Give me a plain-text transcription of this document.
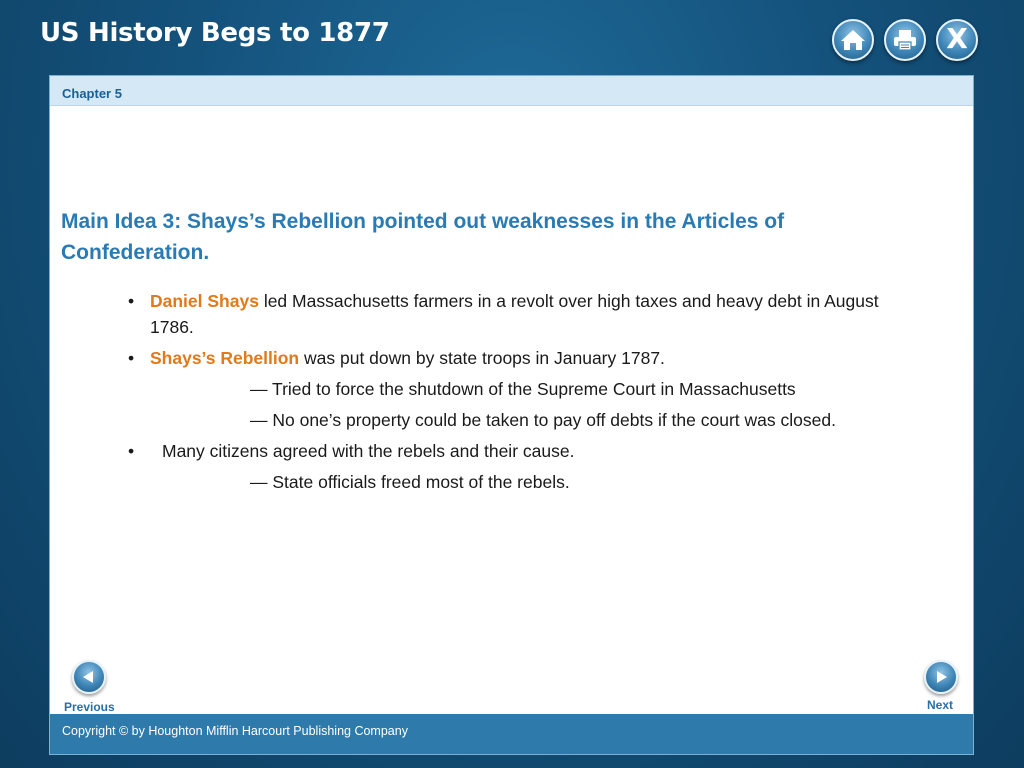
US History Begs to 1877	X
Chapter 5
Main Idea 3: Shays’s Rebellion pointed out weaknesses in the Articles of Confederation.
• Daniel Shays led Massachusetts farmers in a revolt over high taxes and heavy debt in August 1786.
• Shays’s Rebellion was put down by state troops in January 1787.
— Tried to force the shutdown of the Supreme Court in Massachusetts
— No one’s property could be taken to pay off debts if the court was closed.
• Many citizens agreed with the rebels and their cause.
— State officials freed most of the rebels.
Previous	Next
Copyright © by Houghton Mifflin Harcourt Publishing Company
